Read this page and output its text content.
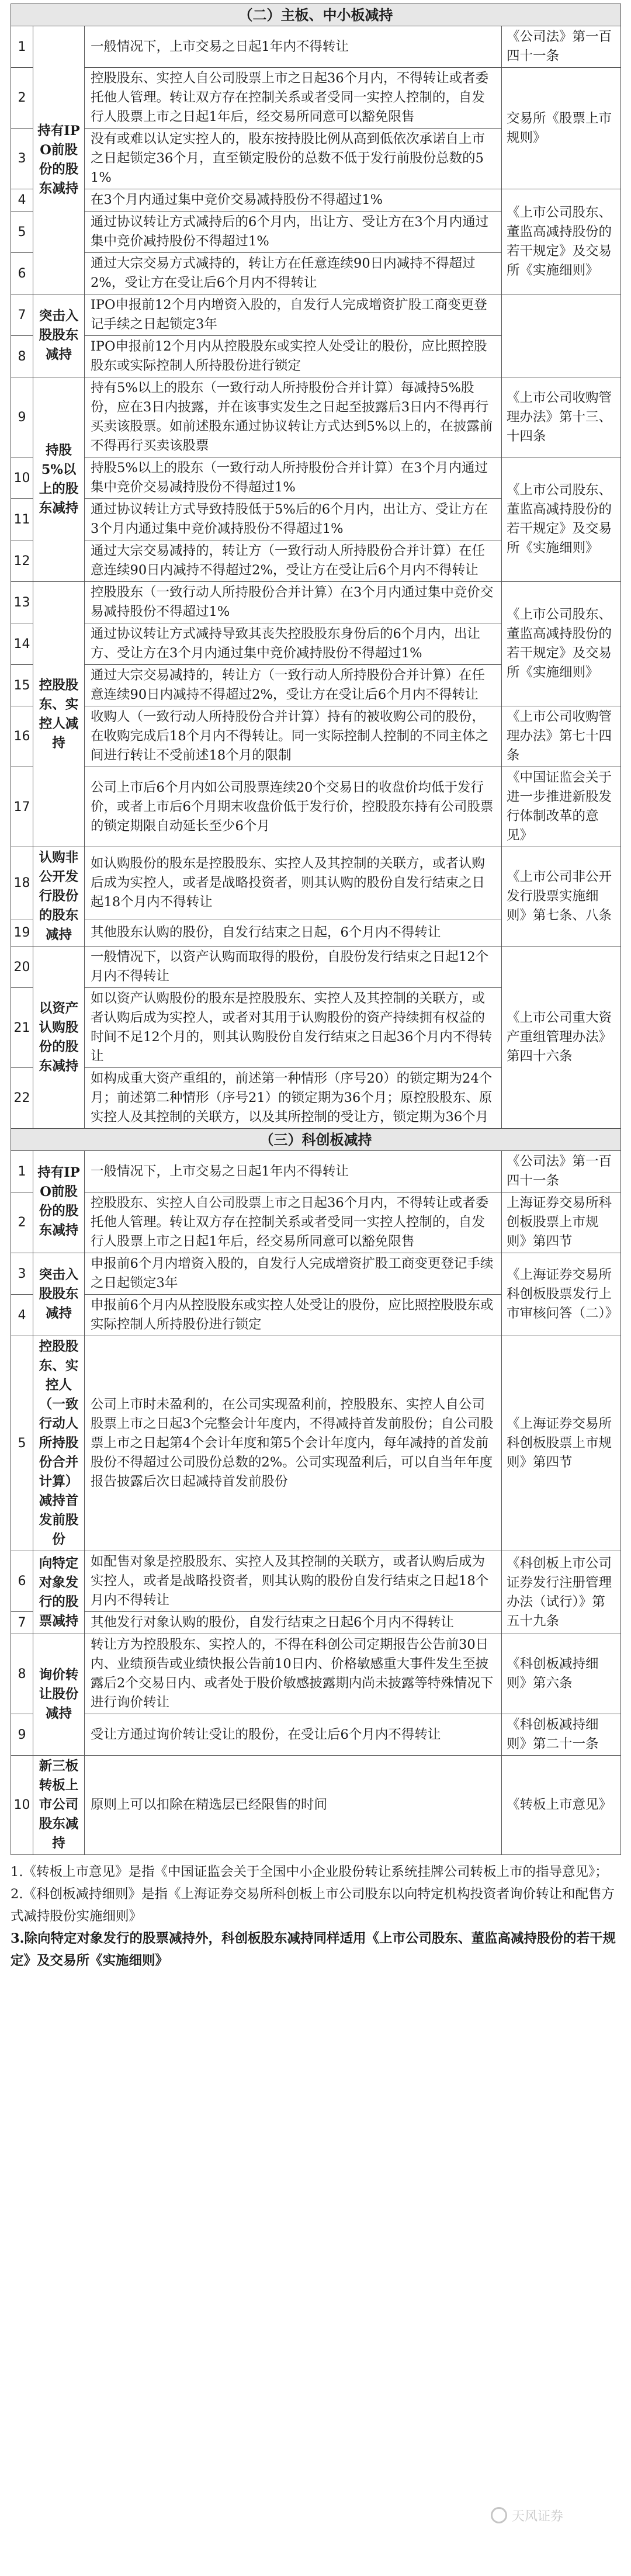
（二）主板、中小板减持			
1	持有IPO前股份的股东减持	一般情况下，上市交易之日起1年内不得转让	《公司法》第一百四十一条
2		控股股东、实控人自公司股票上市之日起36个月内，不得转让或者委托他人管理。转让双方存在控制关系或者受同一实控人控制的，自发行人股票上市之日起1年后，经交易所同意可以豁免限售	交易所《股票上市规则》
3		没有或难以认定实控人的，股东按持股比例从高到低依次承诺自上市之日起锁定36个月，直至锁定股份的总数不低于发行前股份总数的51%	
4		在3个月内通过集中竞价交易减持股份不得超过1%	《上市公司股东、董监高减持股份的若干规定》及交易所《实施细则》
5		通过协议转让方式减持后的6个月内，出让方、受让方在3个月内通过集中竞价减持股份不得超过1%	
6		通过大宗交易方式减持的，转让方在任意连续90日内减持不得超过2%，受让方在受让后6个月内不得转让	
7	突击入股股东减持	IPO申报前12个月内增资入股的，自发行人完成增资扩股工商变更登记手续之日起锁定3年	
8		IPO申报前12个月内从控股股东或实控人处受让的股份，应比照控股股东或实际控制人所持股份进行锁定	
9	持股5%以上的股东减持	持有5%以上的股东（一致行动人所持股份合并计算）每减持5%股份，应在3日内披露，并在该事实发生之日起至披露后3日内不得再行买卖该股票。如前述股东通过协议转让方式达到5%以上的，在披露前不得再行买卖该股票	《上市公司收购管理办法》第十三、十四条
10		持股5%以上的股东（一致行动人所持股份合并计算）在3个月内通过集中竞价交易减持股份不得超过1%	《上市公司股东、董监高减持股份的若干规定》及交易所《实施细则》
11		通过协议转让方式导致持股低于5%后的6个月内，出让方、受让方在3个月内通过集中竞价减持股份不得超过1%	
12		通过大宗交易减持的，转让方（一致行动人所持股份合并计算）在任意连续90日内减持不得超过2%，受让方在受让后6个月内不得转让	
13	控股股东、实控人减持	控股股东（一致行动人所持股份合并计算）在3个月内通过集中竞价交易减持股份不得超过1%	《上市公司股东、董监高减持股份的若干规定》及交易所《实施细则》
14		通过协议转让方式减持导致其丧失控股股东身份后的6个月内，出让方、受让方在3个月内通过集中竞价减持股份不得超过1%	
15		通过大宗交易减持的，转让方（一致行动人所持股份合并计算）在任意连续90日内减持不得超过2%，受让方在受让后6个月内不得转让	
16		收购人（一致行动人所持股份合并计算）持有的被收购公司的股份，在收购完成后18个月内不得转让。同一实际控制人控制的不同主体之间进行转让不受前述18个月的限制	《上市公司收购管理办法》第七十四条
17		公司上市后6个月内如公司股票连续20个交易日的收盘价均低于发行价，或者上市后6个月期末收盘价低于发行价，控股股东持有公司股票的锁定期限自动延长至少6个月	《中国证监会关于进一步推进新股发行体制改革的意见》
18	认购非公开发行股份的股东减持	如认购股份的股东是控股股东、实控人及其控制的关联方，或者认购后成为实控人，或者是战略投资者，则其认购的股份自发行结束之日起18个月内不得转让	《上市公司非公开发行股票实施细则》第七条、八条
19		其他股东认购的股份，自发行结束之日起，6个月内不得转让	
20	以资产认购股份的股东减持	一般情况下，以资产认购而取得的股份，自股份发行结束之日起12个月内不得转让	《上市公司重大资产重组管理办法》第四十六条
21		如以资产认购股份的股东是控股股东、实控人及其控制的关联方，或者认购后成为实控人，或者对其用于认购股份的资产持续拥有权益的时间不足12个月的，则其认购股份自发行结束之日起36个月内不得转让	
22		如构成重大资产重组的，前述第一种情形（序号20）的锁定期为24个月；前述第二种情形（序号21）的锁定期为36个月；原控股股东、原实控人及其控制的关联方，以及其所控制的受让方，锁定期为36个月	
（三）科创板减持			
1	持有IPO前股份的股东减持	一般情况下，上市交易之日起1年内不得转让	《公司法》第一百四十一条
2		控股股东、实控人自公司股票上市之日起36个月内，不得转让或者委托他人管理。转让双方存在控制关系或者受同一实控人控制的，自发行人股票上市之日起1年后，经交易所同意可以豁免限售	上海证券交易所科创板股票上市规则》第四节
3	突击入股股东减持	申报前6个月内增资入股的，自发行人完成增资扩股工商变更登记手续之日起锁定3年	《上海证券交易所科创板股票发行上市审核问答（二）》
4		申报前6个月内从控股股东或实控人处受让的股份，应比照控股股东或实际控制人所持股份进行锁定	
5	控股股东、实控人（一致行动人所持股份合并计算）减持首发前股份	公司上市时未盈利的，在公司实现盈利前，控股股东、实控人自公司股票上市之日起3个完整会计年度内，不得减持首发前股份；自公司股票上市之日起第4个会计年度和第5个会计年度内，每年减持的首发前股份不得超过公司股份总数的2%。公司实现盈利后，可以自当年年度报告披露后次日起减持首发前股份	《上海证券交易所科创板股票上市规则》第四节
6	向特定对象发行的股票减持	如配售对象是控股股东、实控人及其控制的关联方，或者认购后成为实控人，或者是战略投资者，则其认购的股份自发行结束之日起18个月内不得转让	《科创板上市公司证券发行注册管理办法（试行）》第五十九条
7		其他发行对象认购的股份，自发行结束之日起6个月内不得转让	
8	询价转让股份减持	转让方为控股股东、实控人的，不得在科创公司定期报告公告前30日内、业绩预告或业绩快报公告前10日内、价格敏感重大事件发生至披露后2个交易日内、或者处于股价敏感披露期内尚未披露等特殊情况下进行询价转让	《科创板减持细则》第六条
9		受让方通过询价转让受让的股份，在受让后6个月内不得转让	《科创板减持细则》第二十一条
10	新三板转板上市公司股东减持	原则上可以扣除在精选层已经限售的时间	《转板上市意见》

1.《转板上市意见》是指《中国证监会关于全国中小企业股份转让系统挂牌公司转板上市的指导意见》；

2.《科创板减持细则》是指《上海证券交易所科创板上市公司股东以向特定机构投资者询价转让和配售方式减持股份实施细则》

3.除向特定对象发行的股票减持外，科创板股东减持同样适用《上市公司股东、董监高减持股份的若干规定》及交易所《实施细则》

天风证券
